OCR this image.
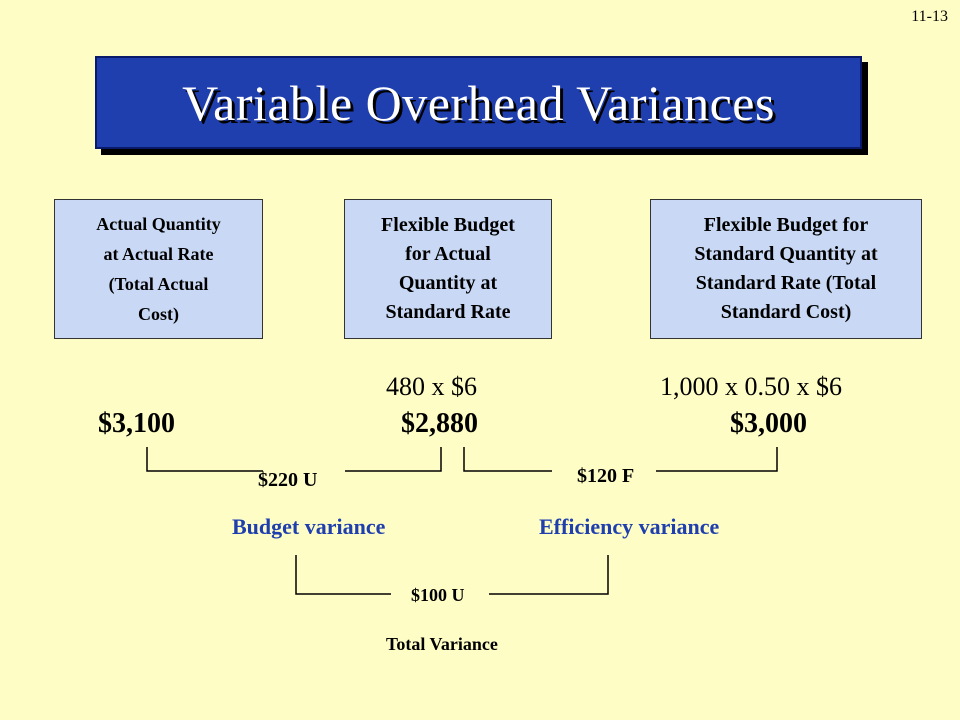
11-13
Variable Overhead Variances
Actual Quantity
at Actual Rate
(Total Actual
Cost)
Flexible Budget
for Actual
Quantity at
Standard Rate
Flexible Budget for
Standard Quantity at
Standard Rate (Total
Standard Cost)
480 x $6	1,000 x 0.50 x $6
$3,100	$2,880	$3,000
$220 U	$120 F
Budget variance	Efficiency variance
$100 U
Total Variance
